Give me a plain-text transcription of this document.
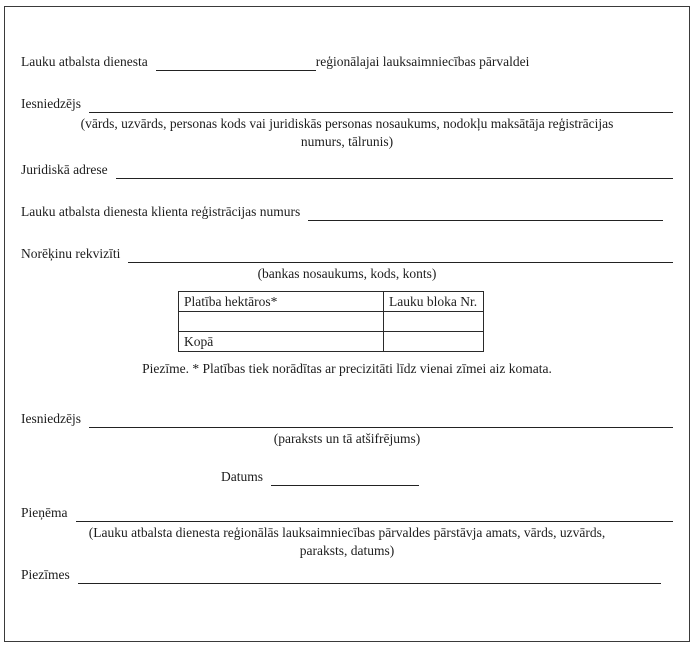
Lauku atbalsta dienesta	reģionālajai lauksaimniecības pārvaldei
Iesniedzējs
(vārds, uzvārds, personas kods vai juridiskās personas nosaukums, nodokļu maksātāja reģistrācijas numurs, tālrunis)
Juridiskā adrese
Lauku atbalsta dienesta klienta reģistrācijas numurs
Norēķinu rekvizīti
(bankas nosaukums, kods, konts)
Platība hektāros*	Lauku bloka Nr.

Kopā	
Piezīme. * Platības tiek norādītas ar precizitāti līdz vienai zīmei aiz komata.
Iesniedzējs
(paraksts un tā atšifrējums)
Datums
Pieņēma
(Lauku atbalsta dienesta reģionālās lauksaimniecības pārvaldes pārstāvja amats, vārds, uzvārds, paraksts, datums)
Piezīmes
